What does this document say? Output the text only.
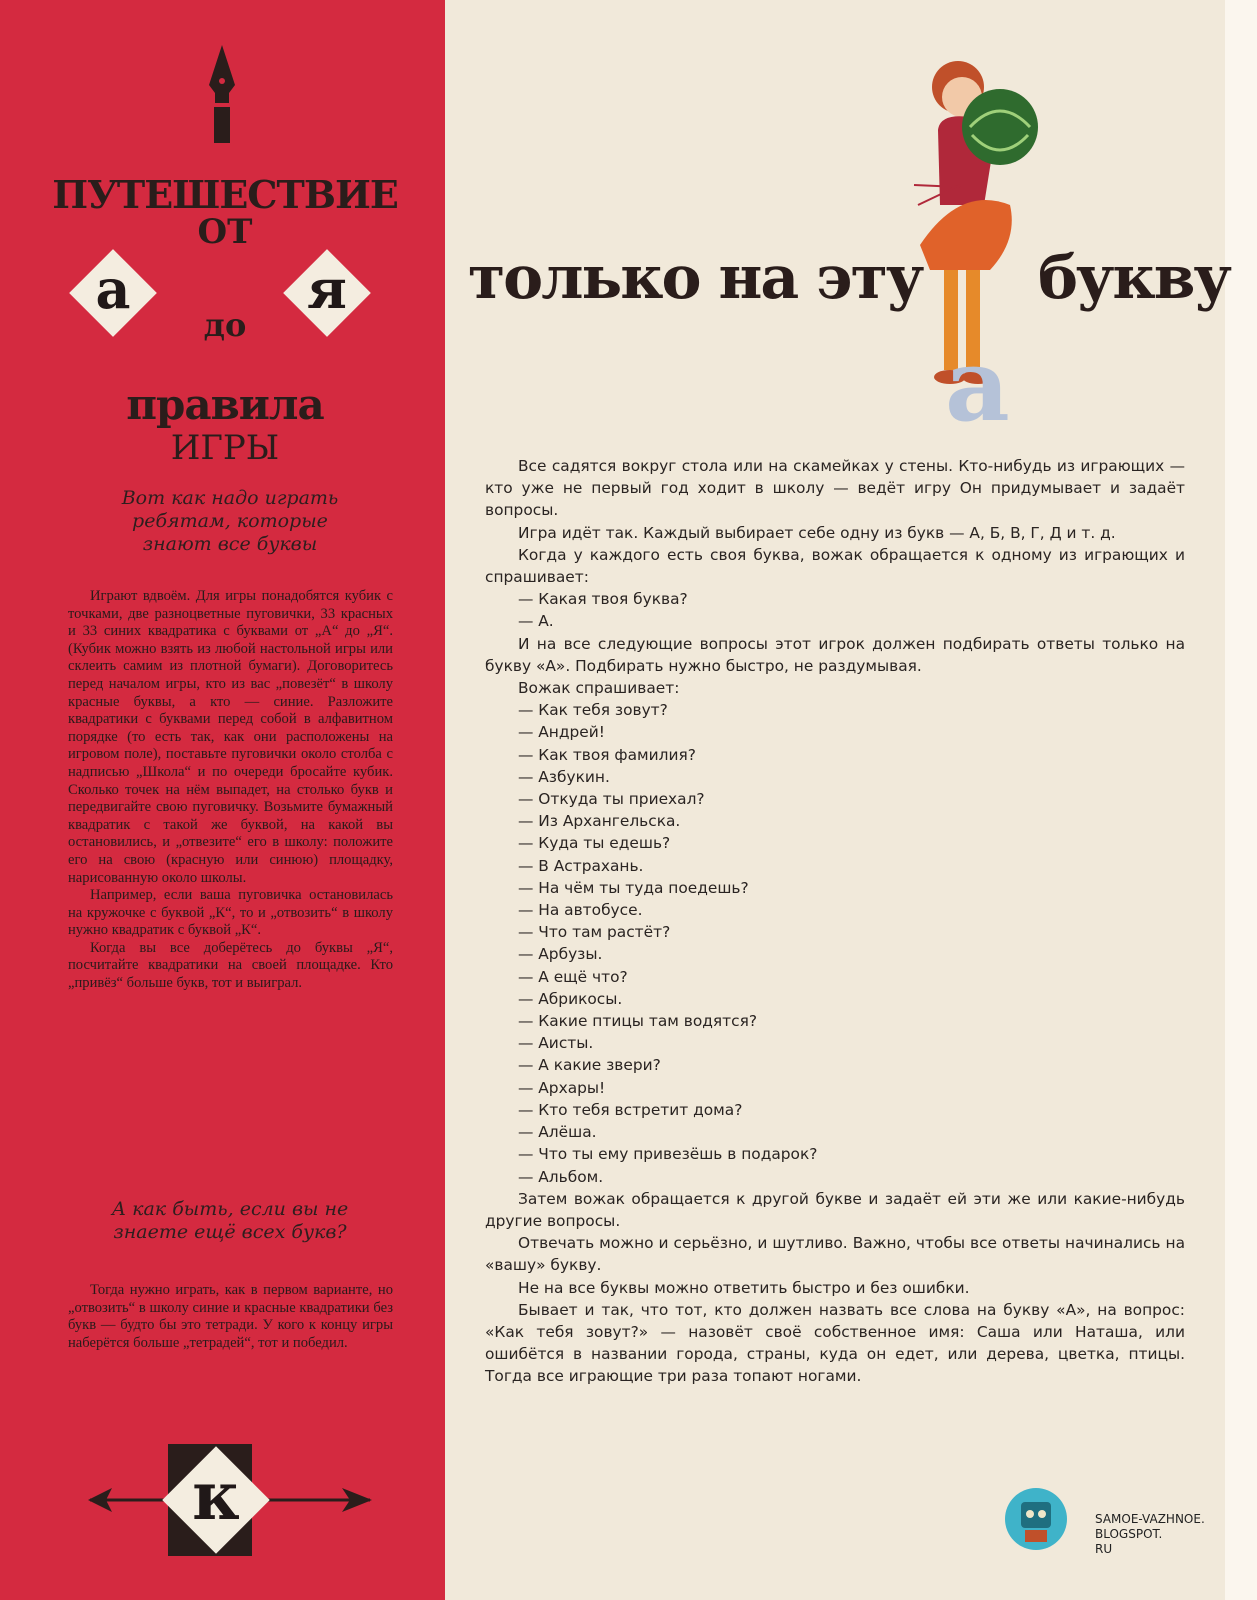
ПУТЕШЕСТВИЕ
ОТ
а	я
до
правила
ИГРЫ
Вот как надо играть ребятам, которые знают все буквы

Играют вдвоём. Для игры понадобятся кубик с точками, две разноцветные пуговички, 33 красных и 33 синих квадратика с буквами от „А“ до „Я“. (Кубик можно взять из любой настольной игры или склеить самим из плотной бумаги). Договоритесь перед началом игры, кто из вас „повезёт“ в школу красные буквы, а кто — синие. Разложите квадратики с буквами перед собой в алфавитном порядке (то есть так, как они расположены на игровом поле), поставьте пуговички около столба с надписью „Школа“ и по очереди бросайте кубик. Сколько точек на нём выпадет, на столько букв и передвигайте свою пуговичку. Возьмите бумажный квадратик с такой же буквой, на какой вы остановились, и „отвезите“ его в школу: положите его на свою (красную или синюю) площадку, нарисованную около школы.

Например, если ваша пуговичка остановилась на кружочке с буквой „К“, то и „отвозить“ в школу нужно квадратик с буквой „К“.

Когда вы все доберётесь до буквы „Я“, посчитайте квадратики на своей площадке. Кто „привёз“ больше букв, тот и выиграл.

А как быть, если вы не знаете ещё всех букв?

Тогда нужно играть, как в первом варианте, но „отвозить“ в школу синие и красные квадратики без букв — будто бы это тетради. У кого к концу игры наберётся больше „тетрадей“, тот и победил.

к
только на эту букву
а

Все садятся вокруг стола или на скамейках у стены. Кто-нибудь из играющих — кто уже не первый год ходит в школу — ведёт игру Он придумывает и задаёт вопросы.

Игра идёт так. Каждый выбирает себе одну из букв — А, Б, В, Г, Д и т. д.

Когда у каждого есть своя буква, вожак обращается к одному из играющих и спрашивает:

— Какая твоя буква?

— А.

И на все следующие вопросы этот игрок должен подбирать ответы только на букву «А». Подбирать нужно быстро, не раздумывая.

Вожак спрашивает:

— Как тебя зовут?

— Андрей!

— Как твоя фамилия?

— Азбукин.

— Откуда ты приехал?

— Из Архангельска.

— Куда ты едешь?

— В Астрахань.

— На чём ты туда поедешь?

— На автобусе.

— Что там растёт?

— Арбузы.

— А ещё что?

— Абрикосы.

— Какие птицы там водятся?

— Аисты.

— А какие звери?

— Архары!

— Кто тебя встретит дома?

— Алёша.

— Что ты ему привезёшь в подарок?

— Альбом.

Затем вожак обращается к другой букве и задаёт ей эти же или какие-нибудь другие вопросы.

Отвечать можно и серьёзно, и шутливо. Важно, чтобы все ответы начинались на «вашу» букву.

Не на все буквы можно ответить быстро и без ошибки.

Бывает и так, что тот, кто должен назвать все слова на букву «А», на вопрос: «Как тебя зовут?» — назовёт своё собственное имя: Саша или Наташа, или ошибётся в названии города, страны, куда он едет, или дерева, цветка, птицы. Тогда все играющие три раза топают ногами.

SAMOE-VAZHNOE.
BLOGSPOT.
RU
